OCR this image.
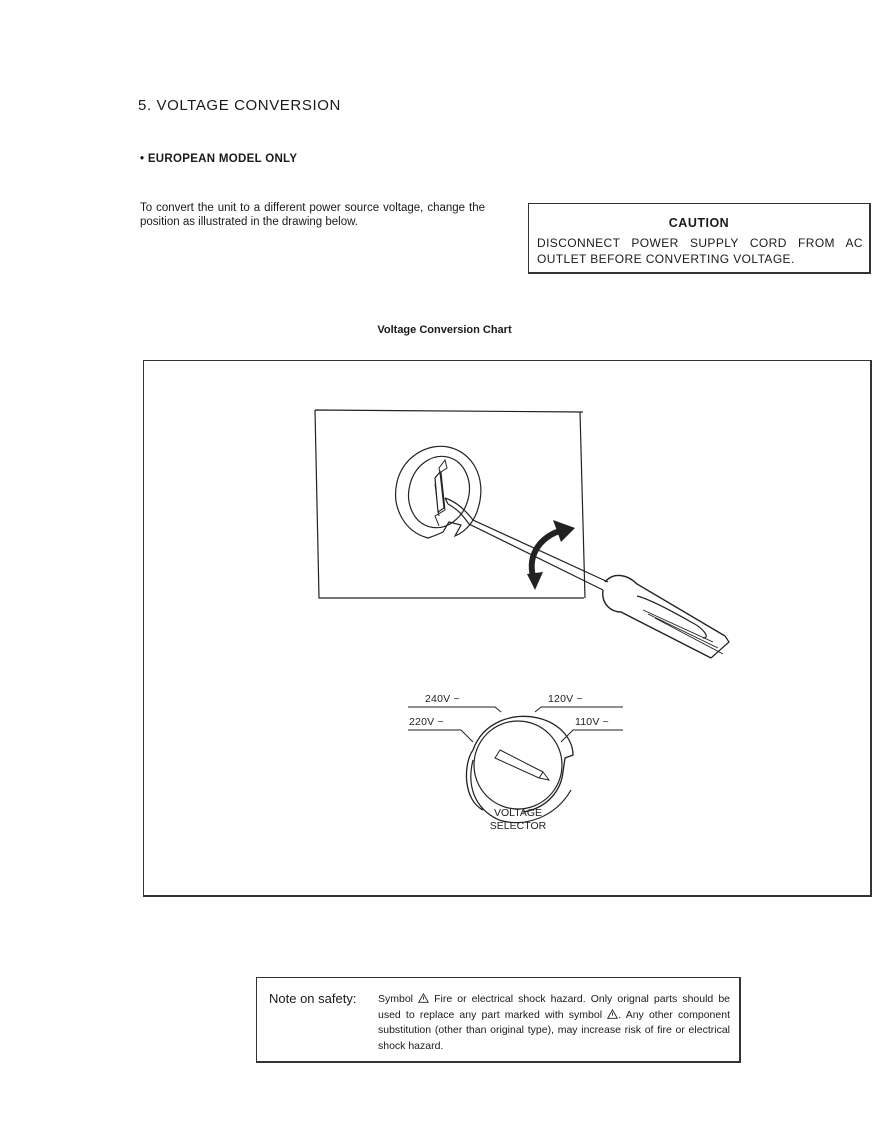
5. VOLTAGE CONVERSION
• EUROPEAN MODEL ONLY
To convert the unit to a different power source voltage, change the position as illustrated in the drawing below.	CAUTION
DISCONNECT POWER SUPPLY CORD FROM AC OUTLET BEFORE CONVERTING VOLTAGE.
Voltage Conversion Chart
240V ~	120V ~
220V ~	110V ~
VOLTAGE
SELECTOR
Note on safety: Symbol Fire or electrical shock hazard. Only orignal parts should be used to replace any part marked with symbol . Any other component substitution (other than original type), may increase risk of fire or electrical shock hazard.
